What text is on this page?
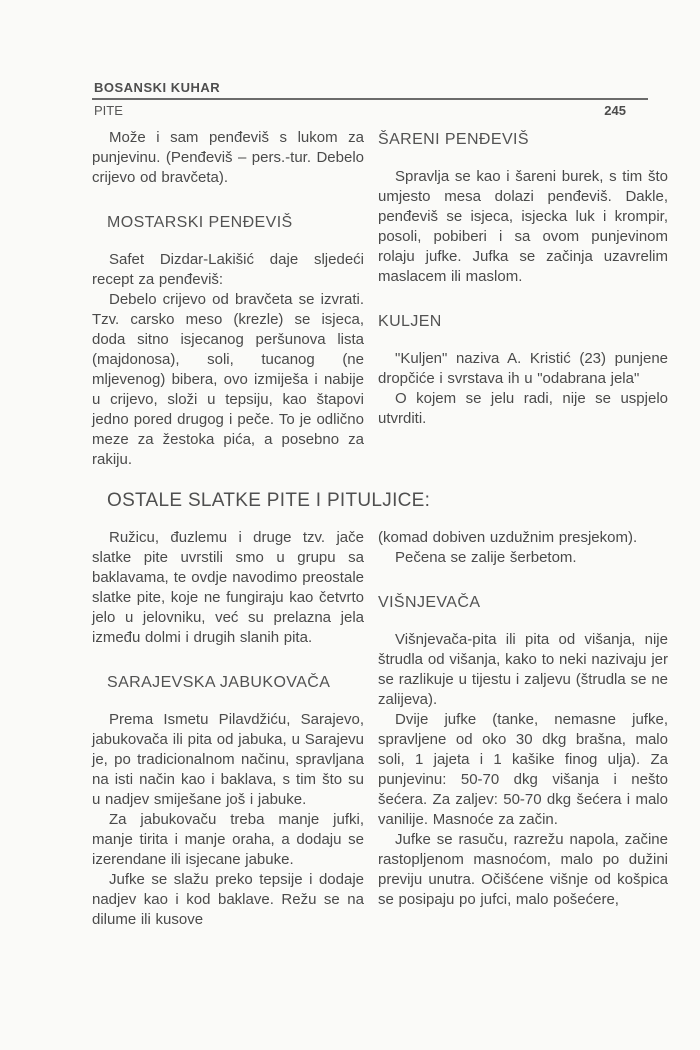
BOSANSKI KUHAR
PITE	245

Može i sam penđeviš s lukom za punjevinu. (Penđeviš – pers.-tur. Debelo crijevo od bravčeta).

MOSTARSKI PENĐEVIŠ

Safet Dizdar-Lakišić daje sljedeći recept za penđeviš:

Debelo crijevo od bravčeta se izvrati. Tzv. carsko meso (krezle) se isjeca, doda sitno isjecanog peršunova lista (majdonosa), soli, tucanog (ne mljevenog) bibera, ovo izmiješa i nabije u crijevo, složi u tepsiju, kao štapovi jedno pored drugog i peče. To je odlično meze za žestoka pića, a posebno za rakiju.

ŠARENI PENĐEVIŠ

Spravlja se kao i šareni burek, s tim što umjesto mesa dolazi penđeviš. Dakle, penđeviš se isjeca, isjecka luk i krompir, posoli, pobiberi i sa ovom punjevinom rolaju jufke. Jufka se začinja uzavrelim maslacem ili maslom.

KULJEN

"Kuljen" naziva A. Kristić (23) punjene dropčiće i svrstava ih u "odabrana jela"

O kojem se jelu radi, nije se uspjelo utvrditi.

OSTALE SLATKE PITE I PITULJICE:

Ružicu, đuzlemu i druge tzv. jače slatke pite uvrstili smo u grupu sa baklavama, te ovdje navodimo preostale slatke pite, koje ne fungiraju kao četvrto jelo u jelovniku, već su prelazna jela između dolmi i drugih slanih pita.

SARAJEVSKA JABUKOVAČA

Prema Ismetu Pilavdžiću, Sarajevo, jabukovača ili pita od jabuka, u Sarajevu je, po tradicionalnom načinu, spravljana na isti način kao i baklava, s tim što su u nadjev smiješane još i jabuke.

Za jabukovaču treba manje jufki, manje tirita i manje oraha, a dodaju se izerendane ili isjecane jabuke.

Jufke se slažu preko tepsije i dodaje nadjev kao i kod baklave. Režu se na dilume ili kusove

(komad dobiven uzdužnim presjekom).

Pečena se zalije šerbetom.

VIŠNJEVAČA

Višnjevača-pita ili pita od višanja, nije štrudla od višanja, kako to neki nazivaju jer se razlikuje u tijestu i zaljevu (štrudla se ne zalijeva).

Dvije jufke (tanke, nemasne jufke, spravljene od oko 30 dkg brašna, malo soli, 1 jajeta i 1 kašike finog ulja). Za punjevinu: 50-70 dkg višanja i nešto šećera. Za zaljev: 50-70 dkg šećera i malo vanilije. Masnoće za začin.

Jufke se rasuču, razrežu napola, začine rastopljenom masnoćom, malo po dužini previju unutra. Očišćene višnje od košpica se posipaju po jufci, malo pošećere,
